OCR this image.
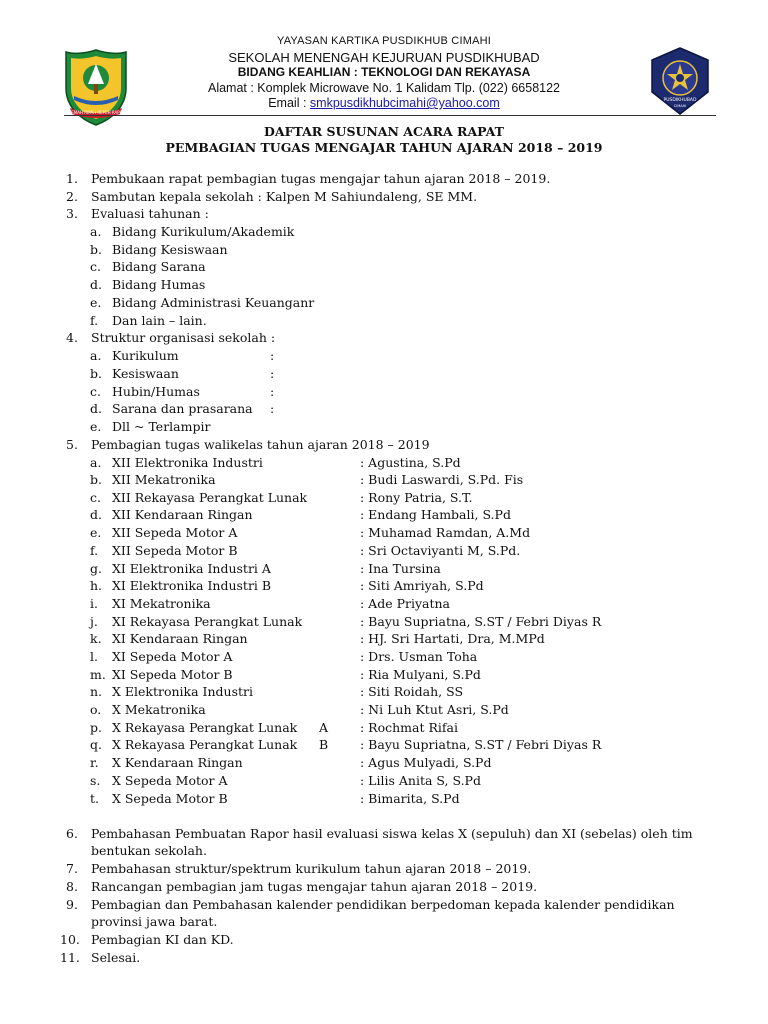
GEMAH RIPAH REPEH RAPIH
YAYASAN KARTIKA PUSDIKHUB CIMAHI
SEKOLAH MENENGAH KEJURUAN PUSDIKHUBAD
BIDANG KEAHLIAN : TEKNOLOGI DAN REKAYASA
Alamat : Komplek Microwave No. 1 Kalidam Tlp. (022) 6658122
Email : smkpusdikhubcimahi@yahoo.com	PUSDIKHUBAD
CIMAHI
DAFTAR SUSUNAN ACARA RAPAT
PEMBAGIAN TUGAS MENGAJAR TAHUN AJARAN 2018 – 2019
1. Pembukaan rapat pembagian tugas mengajar tahun ajaran 2018 – 2019.
2. Sambutan kepala sekolah : Kalpen M Sahiundaleng, SE MM.
3. Evaluasi tahunan :
a. Bidang Kurikulum/Akademik
b. Bidang Kesiswaan
c. Bidang Sarana
d. Bidang Humas
e. Bidang Administrasi Keuanganr
f. Dan lain – lain.
4. Struktur organisasi sekolah :
a. Kurikulum	:
b. Kesiswaan	:
c. Hubin/Humas	:
d. Sarana dan prasarana :
e. Dll ~ Terlampir
5. Pembagian tugas walikelas tahun ajaran 2018 – 2019
a. XII Elektronika Industri	: Agustina, S.Pd
b. XII Mekatronika	: Budi Laswardi, S.Pd. Fis
c. XII Rekayasa Perangkat Lunak	: Rony Patria, S.T.
d. XII Kendaraan Ringan	: Endang Hambali, S.Pd
e. XII Sepeda Motor A	: Muhamad Ramdan, A.Md
f. XII Sepeda Motor B	: Sri Octaviyanti M, S.Pd.
g. XI Elektronika Industri A	: Ina Tursina
h. XI Elektronika Industri B	: Siti Amriyah, S.Pd
i. XI Mekatronika	: Ade Priyatna
j. XI Rekayasa Perangkat Lunak	: Bayu Supriatna, S.ST / Febri Diyas R
k. XI Kendaraan Ringan	: HJ. Sri Hartati, Dra, M.MPd
l. XI Sepeda Motor A	: Drs. Usman Toha
m. XI Sepeda Motor B	: Ria Mulyani, S.Pd
n. X Elektronika Industri	: Siti Roidah, SS
o. X Mekatronika	: Ni Luh Ktut Asri, S.Pd
p. X Rekayasa Perangkat Lunak A	: Rochmat Rifai
q. X Rekayasa Perangkat Lunak B	: Bayu Supriatna, S.ST / Febri Diyas R
r. X Kendaraan Ringan	: Agus Mulyadi, S.Pd
s. X Sepeda Motor A	: Lilis Anita S, S.Pd
t. X Sepeda Motor B	: Bimarita, S.Pd
6. Pembahasan Pembuatan Rapor hasil evaluasi siswa kelas X (sepuluh) dan XI (sebelas) oleh tim
bentukan sekolah.
7. Pembahasan struktur/spektrum kurikulum tahun ajaran 2018 – 2019.
8. Rancangan pembagian jam tugas mengajar tahun ajaran 2018 – 2019.
9. Pembagian dan Pembahasan kalender pendidikan berpedoman kepada kalender pendidikan
provinsi jawa barat.
10. Pembagian KI dan KD.
11. Selesai.
